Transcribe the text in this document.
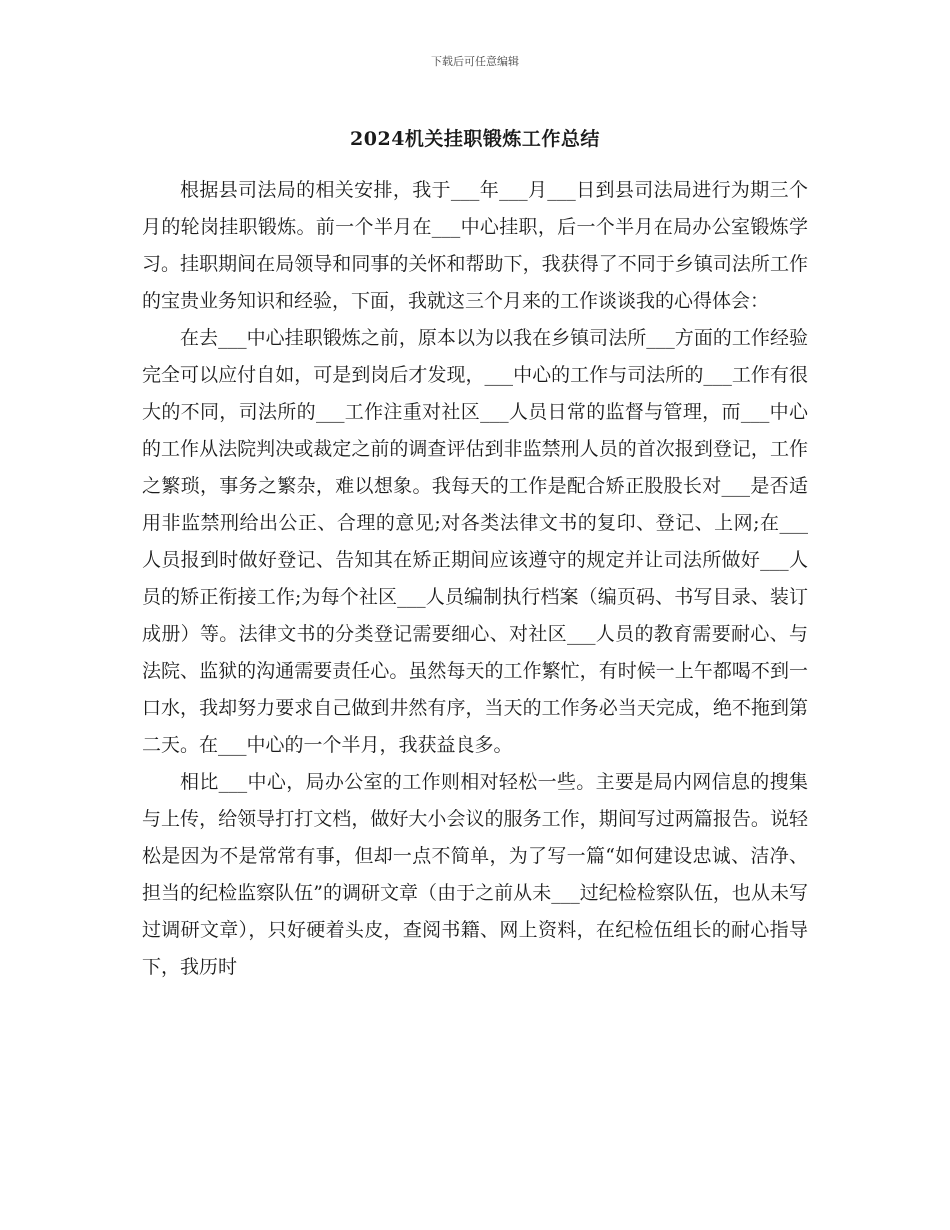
下载后可任意编辑
2024机关挂职锻炼工作总结

根据县司法局的相关安排，我于___年___月___日到县司法局进行为期三个月的轮岗挂职锻炼。前一个半月在___中心挂职，后一个半月在局办公室锻炼学习。挂职期间在局领导和同事的关怀和帮助下，我获得了不同于乡镇司法所工作的宝贵业务知识和经验，下面，我就这三个月来的工作谈谈我的心得体会：

在去___中心挂职锻炼之前，原本以为以我在乡镇司法所___方面的工作经验完全可以应付自如，可是到岗后才发现，___中心的工作与司法所的___工作有很大的不同，司法所的___工作注重对社区___人员日常的监督与管理，而___中心的工作从法院判决或裁定之前的调查评估到非监禁刑人员的首次报到登记，工作之繁琐，事务之繁杂，难以想象。我每天的工作是配合矫正股股长对___是否适用非监禁刑给出公正、合理的意见;对各类法律文书的复印、登记、上网;在___人员报到时做好登记、告知其在矫正期间应该遵守的规定并让司法所做好___人员的矫正衔接工作;为每个社区___人员编制执行档案（编页码、书写目录、装订成册）等。法律文书的分类登记需要细心、对社区___人员的教育需要耐心、与法院、监狱的沟通需要责任心。虽然每天的工作繁忙，有时候一上午都喝不到一口水，我却努力要求自己做到井然有序，当天的工作务必当天完成，绝不拖到第二天。在___中心的一个半月，我获益良多。

相比___中心，局办公室的工作则相对轻松一些。主要是局内网信息的搜集与上传，给领导打打文档，做好大小会议的服务工作，期间写过两篇报告。说轻松是因为不是常常有事，但却一点不简单，为了写一篇“如何建设忠诚、洁净、担当的纪检监察队伍”的调研文章（由于之前从未___过纪检检察队伍，也从未写过调研文章），只好硬着头皮，查阅书籍、网上资料，在纪检伍组长的耐心指导下，我历时
